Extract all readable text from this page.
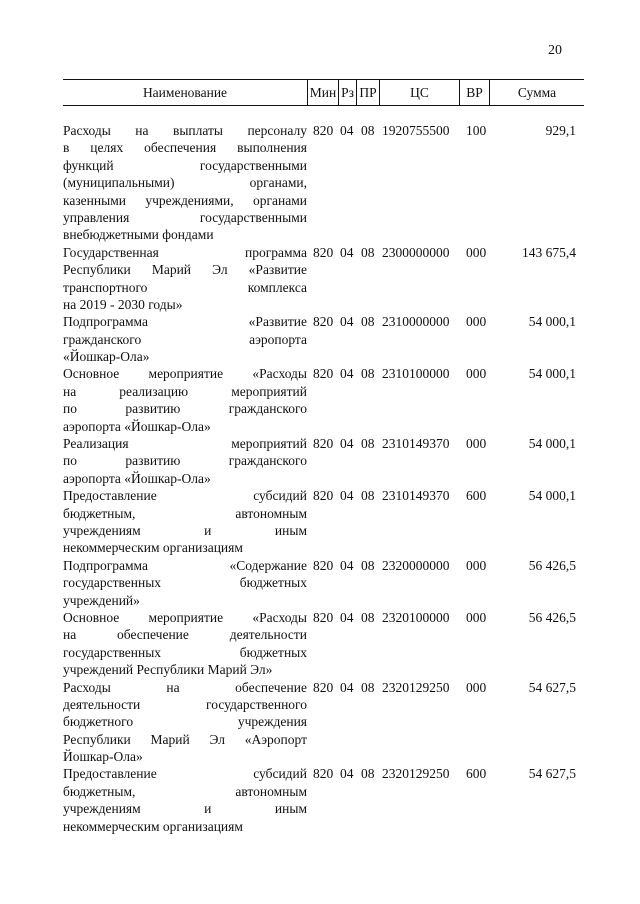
20
Наименование	Мин Рз ПР	ЦС	ВР	Сумма
Расходы на выплаты персоналу
в целях обеспечения выполнения
функций государственными
(муниципальными) органами,
казенными учреждениями, органами
управления государственными
внебюджетными фондами
820 04 08 1920755500 100	929,1
Государственная программа
Республики Марий Эл «Развитие
транспортного комплекса
на 2019 - 2030 годы»
820 04 08 2300000000 000	143 675,4
Подпрограмма «Развитие
гражданского аэропорта
«Йошкар-Ола»
820 04 08 2310000000 000	54 000,1
Основное мероприятие «Расходы
на реализацию мероприятий
по развитию гражданского
аэропорта «Йошкар-Ола»
820 04 08 2310100000 000	54 000,1
Реализация мероприятий
по развитию гражданского
аэропорта «Йошкар-Ола»
820 04 08 2310149370 000	54 000,1
Предоставление субсидий
бюджетным, автономным
учреждениям и иным
некоммерческим организациям
820 04 08 2310149370 600	54 000,1
Подпрограмма «Содержание
государственных бюджетных
учреждений»
820 04 08 2320000000 000	56 426,5
Основное мероприятие «Расходы
на обеспечение деятельности
государственных бюджетных
учреждений Республики Марий Эл»
820 04 08 2320100000 000	56 426,5
Расходы на обеспечение
деятельности государственного
бюджетного учреждения
Республики Марий Эл «Аэропорт
Йошкар-Ола»
820 04 08 2320129250 000	54 627,5
Предоставление субсидий
бюджетным, автономным
учреждениям и иным
некоммерческим организациям
820 04 08 2320129250 600	54 627,5
